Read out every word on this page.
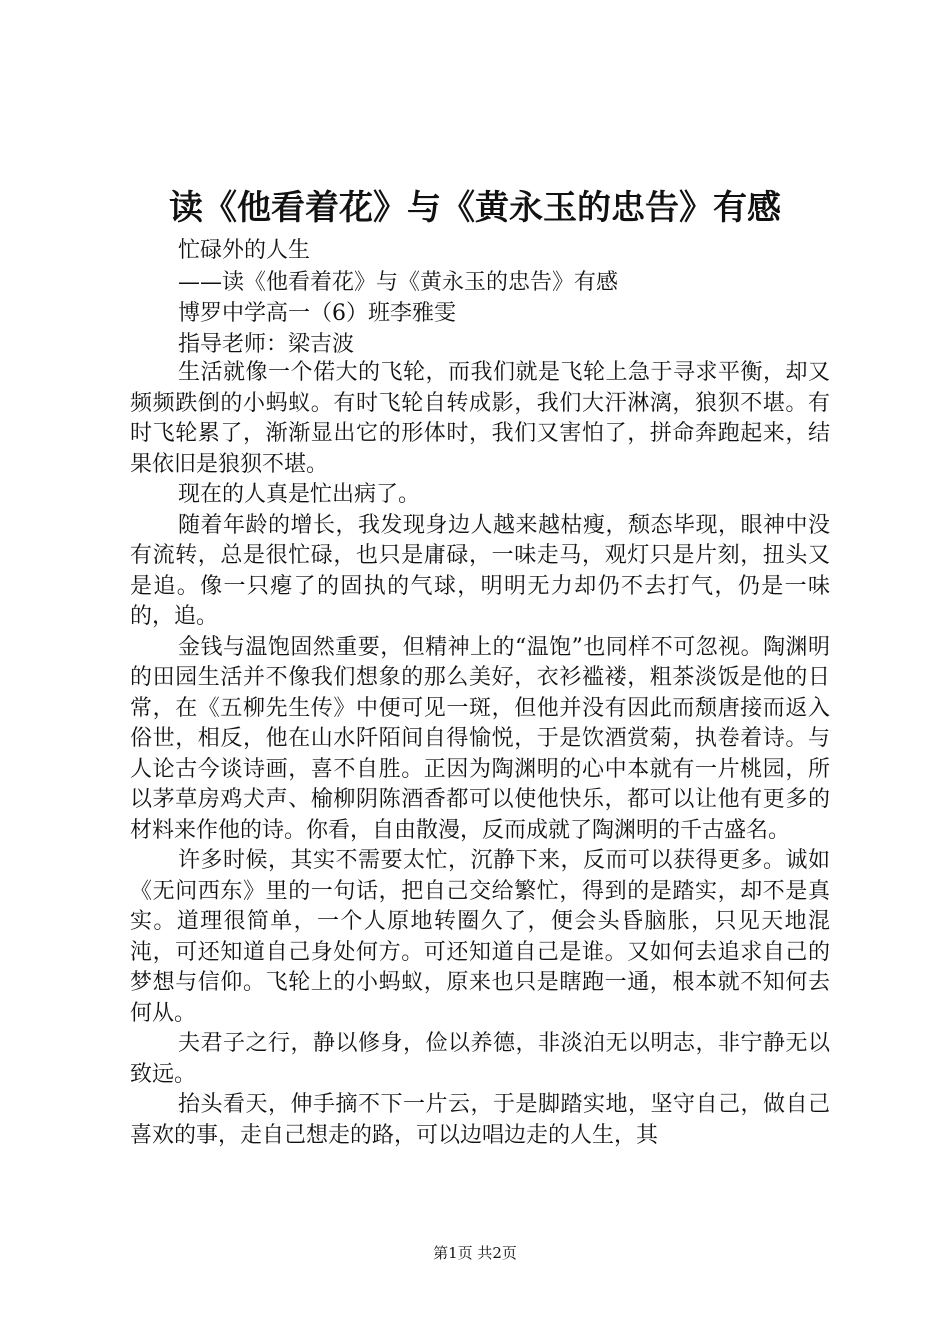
读《他看着花》与《黄永玉的忠告》有感
忙碌外的人生
——读《他看着花》与《黄永玉的忠告》有感
博罗中学高一（6）班李雅雯
指导老师：梁吉波

生活就像一个偌大的飞轮，而我们就是飞轮上急于寻求平衡，却又频频跌倒的小蚂蚁。有时飞轮自转成影，我们大汗淋漓，狼狈不堪。有时飞轮累了，渐渐显出它的形体时，我们又害怕了，拼命奔跑起来，结果依旧是狼狈不堪。

现在的人真是忙出病了。

随着年龄的增长，我发现身边人越来越枯瘦，颓态毕现，眼神中没有流转，总是很忙碌，也只是庸碌，一味走马，观灯只是片刻，扭头又是追。像一只瘪了的固执的气球，明明无力却仍不去打气，仍是一味的，追。

金钱与温饱固然重要，但精神上的“温饱”也同样不可忽视。陶渊明的田园生活并不像我们想象的那么美好，衣衫褴褛，粗茶淡饭是他的日常，在《五柳先生传》中便可见一斑，但他并没有因此而颓唐接而返入俗世，相反，他在山水阡陌间自得愉悦，于是饮酒赏菊，执卷着诗。与人论古今谈诗画，喜不自胜。正因为陶渊明的心中本就有一片桃园，所以茅草房鸡犬声、榆柳阴陈酒香都可以使他快乐，都可以让他有更多的材料来作他的诗。你看，自由散漫，反而成就了陶渊明的千古盛名。

许多时候，其实不需要太忙，沉静下来，反而可以获得更多。诚如《无问西东》里的一句话，把自己交给繁忙，得到的是踏实，却不是真实。道理很简单，一个人原地转圈久了，便会头昏脑胀，只见天地混沌，可还知道自己身处何方。可还知道自己是谁。又如何去追求自己的梦想与信仰。飞轮上的小蚂蚁，原来也只是瞎跑一通，根本就不知何去何从。

夫君子之行，静以修身，俭以养德，非淡泊无以明志，非宁静无以致远。

抬头看天，伸手摘不下一片云，于是脚踏实地，坚守自己，做自己喜欢的事，走自己想走的路，可以边唱边走的人生，其

第1页 共2页
